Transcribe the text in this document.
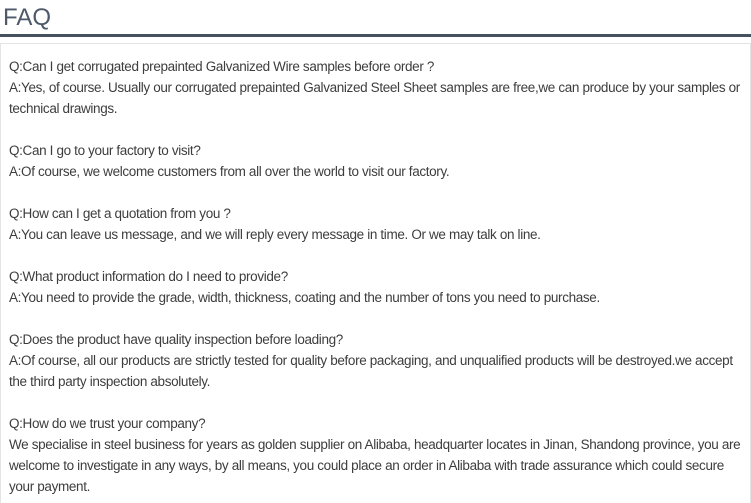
FAQ

Q:Can I get corrugated prepainted Galvanized Wire samples before order ?

A:Yes, of course. Usually our corrugated prepainted Galvanized Steel Sheet samples are free,we can produce by your samples or technical drawings.

Q:Can I go to your factory to visit?

A:Of course, we welcome customers from all over the world to visit our factory.

Q:How can I get a quotation from you ?

A:You can leave us message, and we will reply every message in time. Or we may talk on line.

Q:What product information do I need to provide?

A:You need to provide the grade, width, thickness, coating and the number of tons you need to purchase.

Q:Does the product have quality inspection before loading?

A:Of course, all our products are strictly tested for quality before packaging, and unqualified products will be destroyed.we accept the third party inspection absolutely.

Q:How do we trust your company?

We specialise in steel business for years as golden supplier on Alibaba, headquarter locates in Jinan, Shandong province, you are welcome to investigate in any ways, by all means, you could place an order in Alibaba with trade assurance which could secure your payment.
